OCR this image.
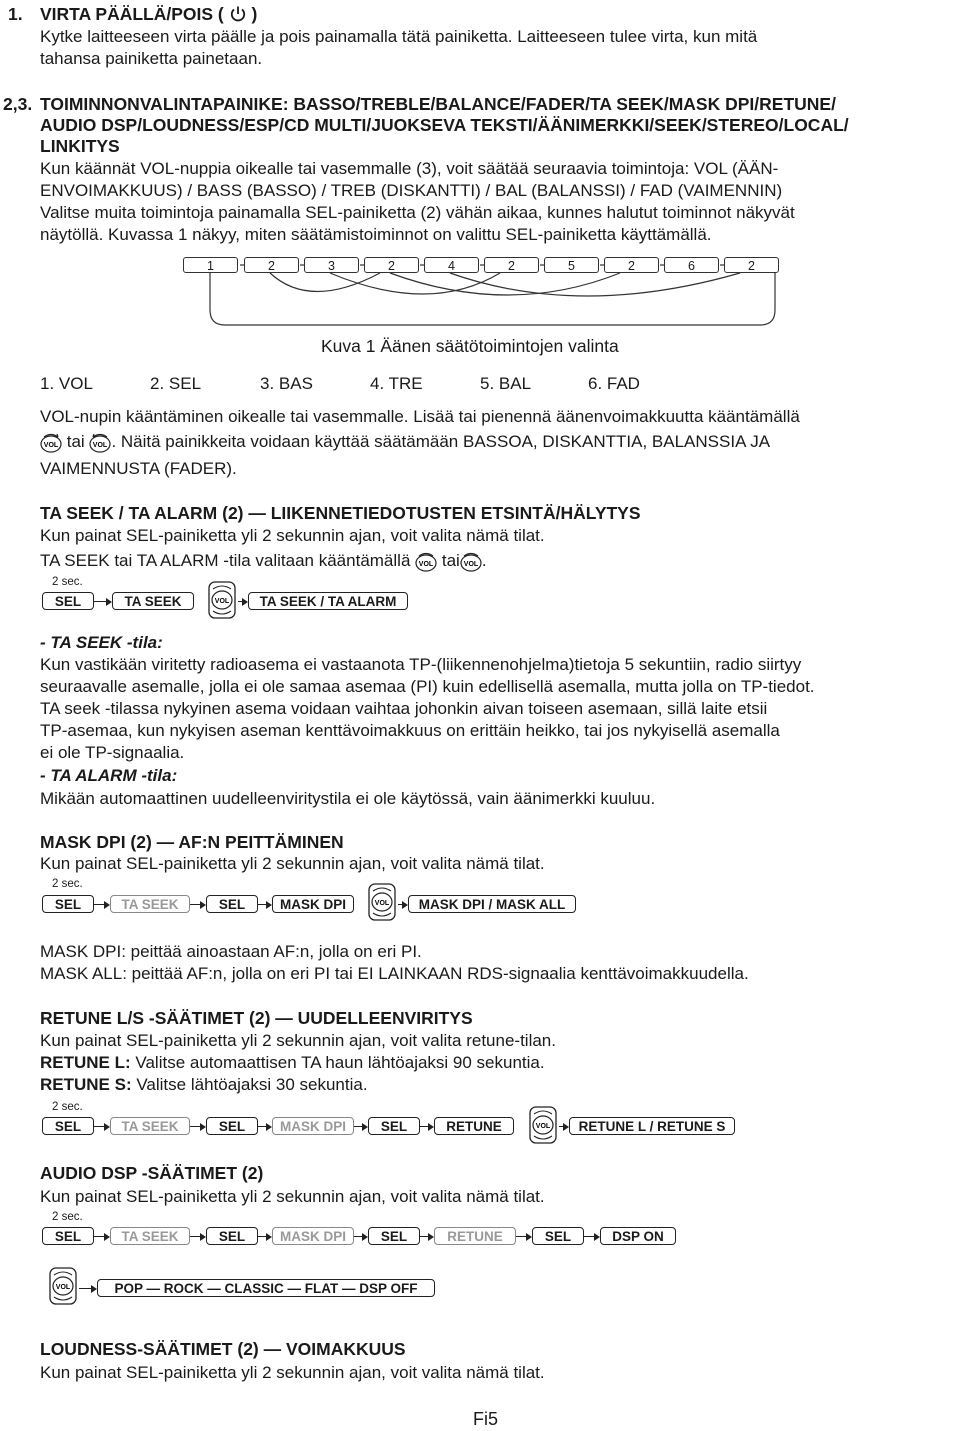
1. VIRTA PÄÄLLÄ/POIS ( )
Kytke laitteeseen virta päälle ja pois painamalla tätä painiketta. Laitteeseen tulee virta, kun mitä
tahansa painiketta painetaan.
2,3. TOIMINNONVALINTAPAINIKE: BASSO/TREBLE/BALANCE/FADER/TA SEEK/MASK DPI/RETUNE/
AUDIO DSP/LOUDNESS/ESP/CD MULTI/JUOKSEVA TEKSTI/ÄÄNIMERKKI/SEEK/STEREO/LOCAL/
LINKITYS
Kun käännät VOL-nuppia oikealle tai vasemmalle (3), voit säätää seuraavia toimintoja: VOL (ÄÄN-
ENVOIMAKKUUS) / BASS (BASSO) / TREB (DISKANTTI) / BAL (BALANSSI) / FAD (VAIMENNIN)
Valitse muita toimintoja painamalla SEL-painiketta (2) vähän aikaa, kunnes halutut toiminnot näkyvät
näytöllä. Kuvassa 1 näkyy, miten säätämistoiminnot on valittu SEL-painiketta käyttämällä.
1	2	3	2	4	2	5	2	6	2
Kuva 1 Äänen säätötoimintojen valinta
1. VOL	2. SEL	3. BAS	4. TRE	5. BAL	6. FAD
VOL-nupin kääntäminen oikealle tai vasemmalle. Lisää tai pienennä äänenvoimakkuutta kääntämällä
VOL tai VOL . Näitä painikkeita voidaan käyttää säätämään BASSOA, DISKANTTIA, BALANSSIA JA
VAIMENNUSTA (FADER).
TA SEEK / TA ALARM (2) — LIIKENNETIEDOTUSTEN ETSINTÄ/HÄLYTYS
Kun painat SEL-painiketta yli 2 sekunnin ajan, voit valita nämä tilat.
TA SEEK tai TA ALARM -tila valitaan kääntämällä VOL tai VOL .
2 sec.
SEL	TA SEEK	VOL	TA SEEK / TA ALARM
- TA SEEK -tila:
Kun vastikään viritetty radioasema ei vastaanota TP-(liikennenohjelma)tietoja 5 sekuntiin, radio siirtyy
seuraavalle asemalle, jolla ei ole samaa asemaa (PI) kuin edellisellä asemalla, mutta jolla on TP-tiedot.
TA seek -tilassa nykyinen asema voidaan vaihtaa johonkin aivan toiseen asemaan, sillä laite etsii
TP-asemaa, kun nykyisen aseman kenttävoimakkuus on erittäin heikko, tai jos nykyisellä asemalla
ei ole TP-signaalia.
- TA ALARM -tila:
Mikään automaattinen uudelleenviritystila ei ole käytössä, vain äänimerkki kuuluu.
MASK DPI (2) — AF:N PEITTÄMINEN
Kun painat SEL-painiketta yli 2 sekunnin ajan, voit valita nämä tilat.
2 sec.
SEL	TA SEEK	SEL	MASK DPI	VOL	MASK DPI / MASK ALL
MASK DPI: peittää ainoastaan AF:n, jolla on eri PI.
MASK ALL: peittää AF:n, jolla on eri PI tai EI LAINKAAN RDS-signaalia kenttävoimakkuudella.
RETUNE L/S -SÄÄTIMET (2) — UUDELLEENVIRITYS
Kun painat SEL-painiketta yli 2 sekunnin ajan, voit valita retune-tilan.
RETUNE L: Valitse automaattisen TA haun lähtöajaksi 90 sekuntia.
RETUNE S: Valitse lähtöajaksi 30 sekuntia.
2 sec.
SEL	TA SEEK	SEL	MASK DPI	SEL	RETUNE	VOL	RETUNE L / RETUNE S
AUDIO DSP -SÄÄTIMET (2)
Kun painat SEL-painiketta yli 2 sekunnin ajan, voit valita nämä tilat.
2 sec.
SEL	TA SEEK	SEL	MASK DPI	SEL	RETUNE	SEL	DSP ON
VOL	POP — ROCK — CLASSIC — FLAT — DSP OFF
LOUDNESS-SÄÄTIMET (2) — VOIMAKKUUS
Kun painat SEL-painiketta yli 2 sekunnin ajan, voit valita nämä tilat.
Fi5
